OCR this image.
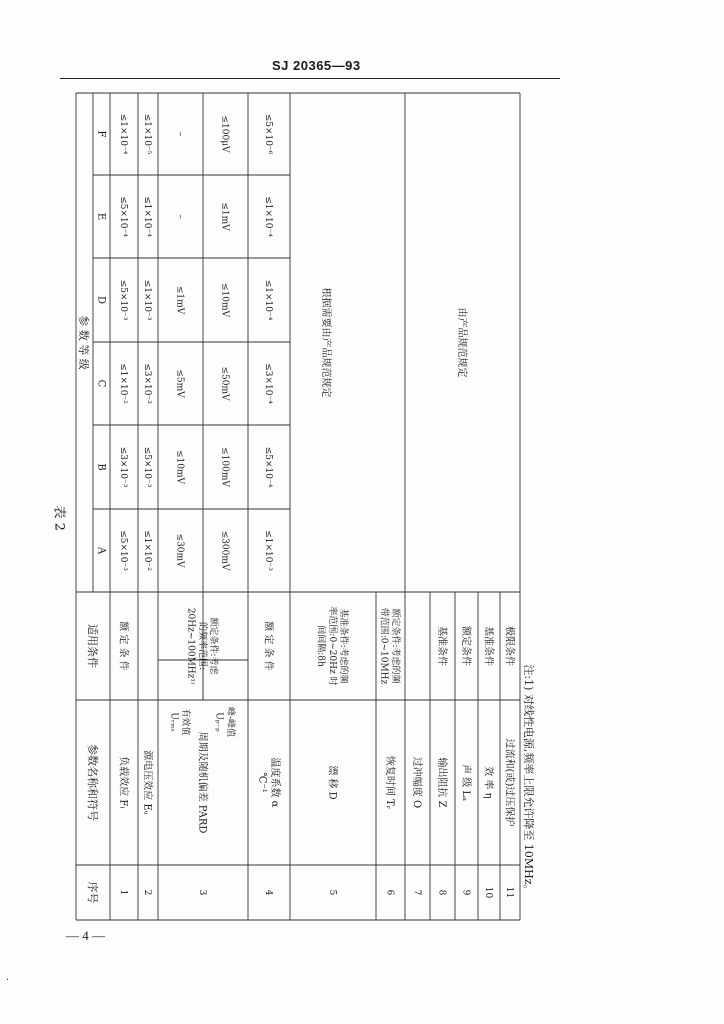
SJ 20365—93
表 2
序号
参数名称和符号
适用条件
参 数 等 级
A
B
C
D
E
F
1
负载效应 Fₗ
额 定 条 件
≤5×10⁻³
≤3×10⁻³
≤1×10⁻²
≤5×10⁻³
≤5×10⁻⁴
≤1×10⁻⁴
2
源电压效应 Eᵤ
≤1×10⁻²
≤5×10⁻³
≤3×10⁻³
≤1×10⁻³
≤1×10⁻⁴
≤1×10⁻⁵
3
周期及随机偏差 PARD
额定条件:考虑的频率范围:20Hz~100MHz¹⁾
有效值Uᵣₘₛ
≤30mV
≤10mV
≤5mV
≤1mV
–
–
峰-峰值Uₚ₋ₚ
≤300mV
≤100mV
≤50mV
≤10mV
≤1mV
≤100μV
4
温度系数 α℃⁻¹
额 定 条 件
≤1×10⁻³
≤5×10⁻⁴
≤3×10⁻⁴
≤1×10⁻⁴
≤1×10⁻⁴
≤5×10⁻⁶
5
漂 移 D
基准条件:考虑的频率范围:0~20Hz 时间间隔:8h
6
恢复时间 Tᵣ
额定条件:考虑的频带范围:0~10MHz
7
过冲幅度 O
8
输出阻抗 Z
基准条件
9
声 级 Lₐ
额定条件
10
效 率 η
基准条件
11
过流和(或)过压保护
极限条件
根据需要由产品规范规定	由产品规范规定
注:1) 对线性电源,频率上限允许降至 10MHz。
— 4 —
·
